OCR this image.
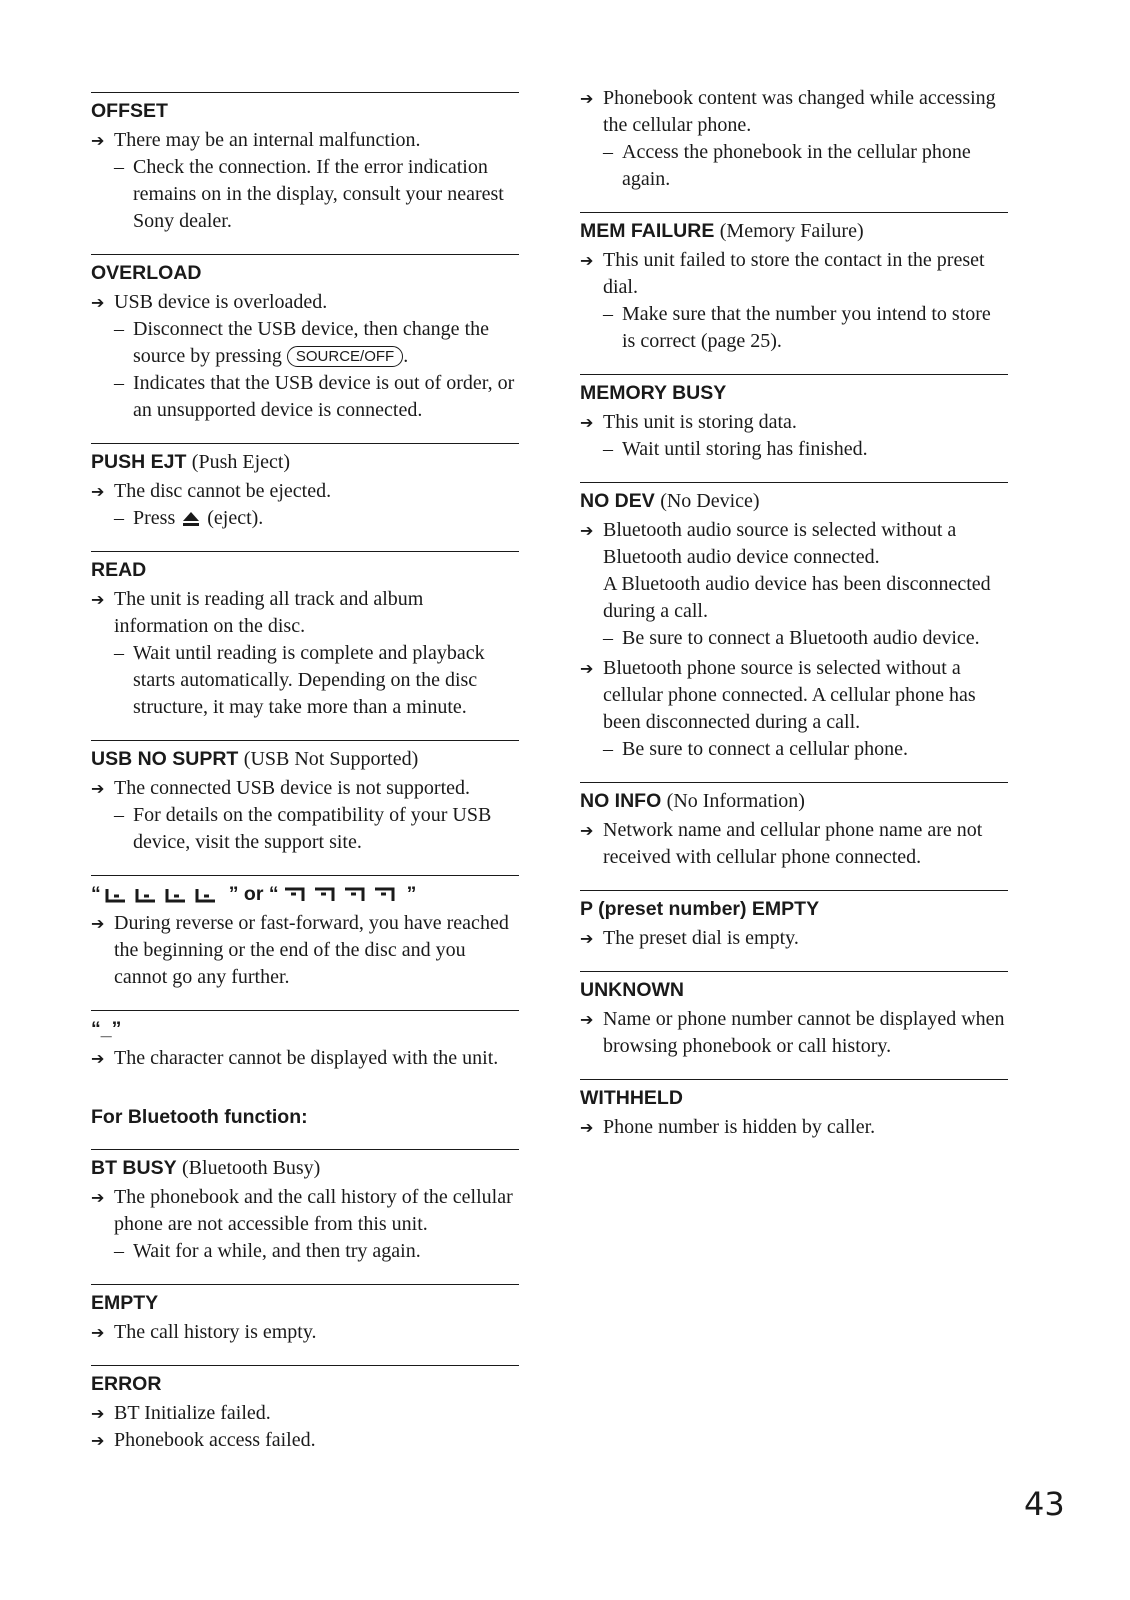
OFFSET
➔ There may be an internal malfunction.
– Check the connection. If the error indication remains on in the display, consult your nearest Sony dealer.
OVERLOAD
➔ USB device is overloaded.
– Disconnect the USB device, then change the source by pressing SOURCE/OFF .
– Indicates that the USB device is out of order, or an unsupported device is connected.
PUSH EJT (Push Eject)
➔ The disc cannot be ejected.
– Press (eject).
READ
➔ The unit is reading all track and album information on the disc.
– Wait until reading is complete and playback starts automatically. Depending on the disc structure, it may take more than a minute.
USB NO SUPRT (USB Not Supported)
➔ The connected USB device is not supported.
– For details on the compatibility of your USB device, visit the support site.
“	” or “	”
➔ During reverse or fast-forward, you have reached the beginning or the end of the disc and you cannot go any further.
“_”
➔ The character cannot be displayed with the unit.
For Bluetooth function:
BT BUSY (Bluetooth Busy)
➔ The phonebook and the call history of the cellular phone are not accessible from this unit.
– Wait for a while, and then try again.
EMPTY
➔ The call history is empty.
ERROR
➔ BT Initialize failed.
➔ Phonebook access failed.
➔ Phonebook content was changed while accessing the cellular phone.
– Access the phonebook in the cellular phone again.
MEM FAILURE (Memory Failure)
➔ This unit failed to store the contact in the preset dial.
– Make sure that the number you intend to store is correct (page 25).
MEMORY BUSY
➔ This unit is storing data.
– Wait until storing has finished.
NO DEV (No Device)
➔ Bluetooth audio source is selected without a Bluetooth audio device connected.
A Bluetooth audio device has been disconnected during a call.
– Be sure to connect a Bluetooth audio device.
➔ Bluetooth phone source is selected without a cellular phone connected. A cellular phone has been disconnected during a call.
– Be sure to connect a cellular phone.
NO INFO (No Information)
➔ Network name and cellular phone name are not received with cellular phone connected.
P (preset number) EMPTY
➔ The preset dial is empty.
UNKNOWN
➔ Name or phone number cannot be displayed when browsing phonebook or call history.
WITHHELD
➔ Phone number is hidden by caller.
43
